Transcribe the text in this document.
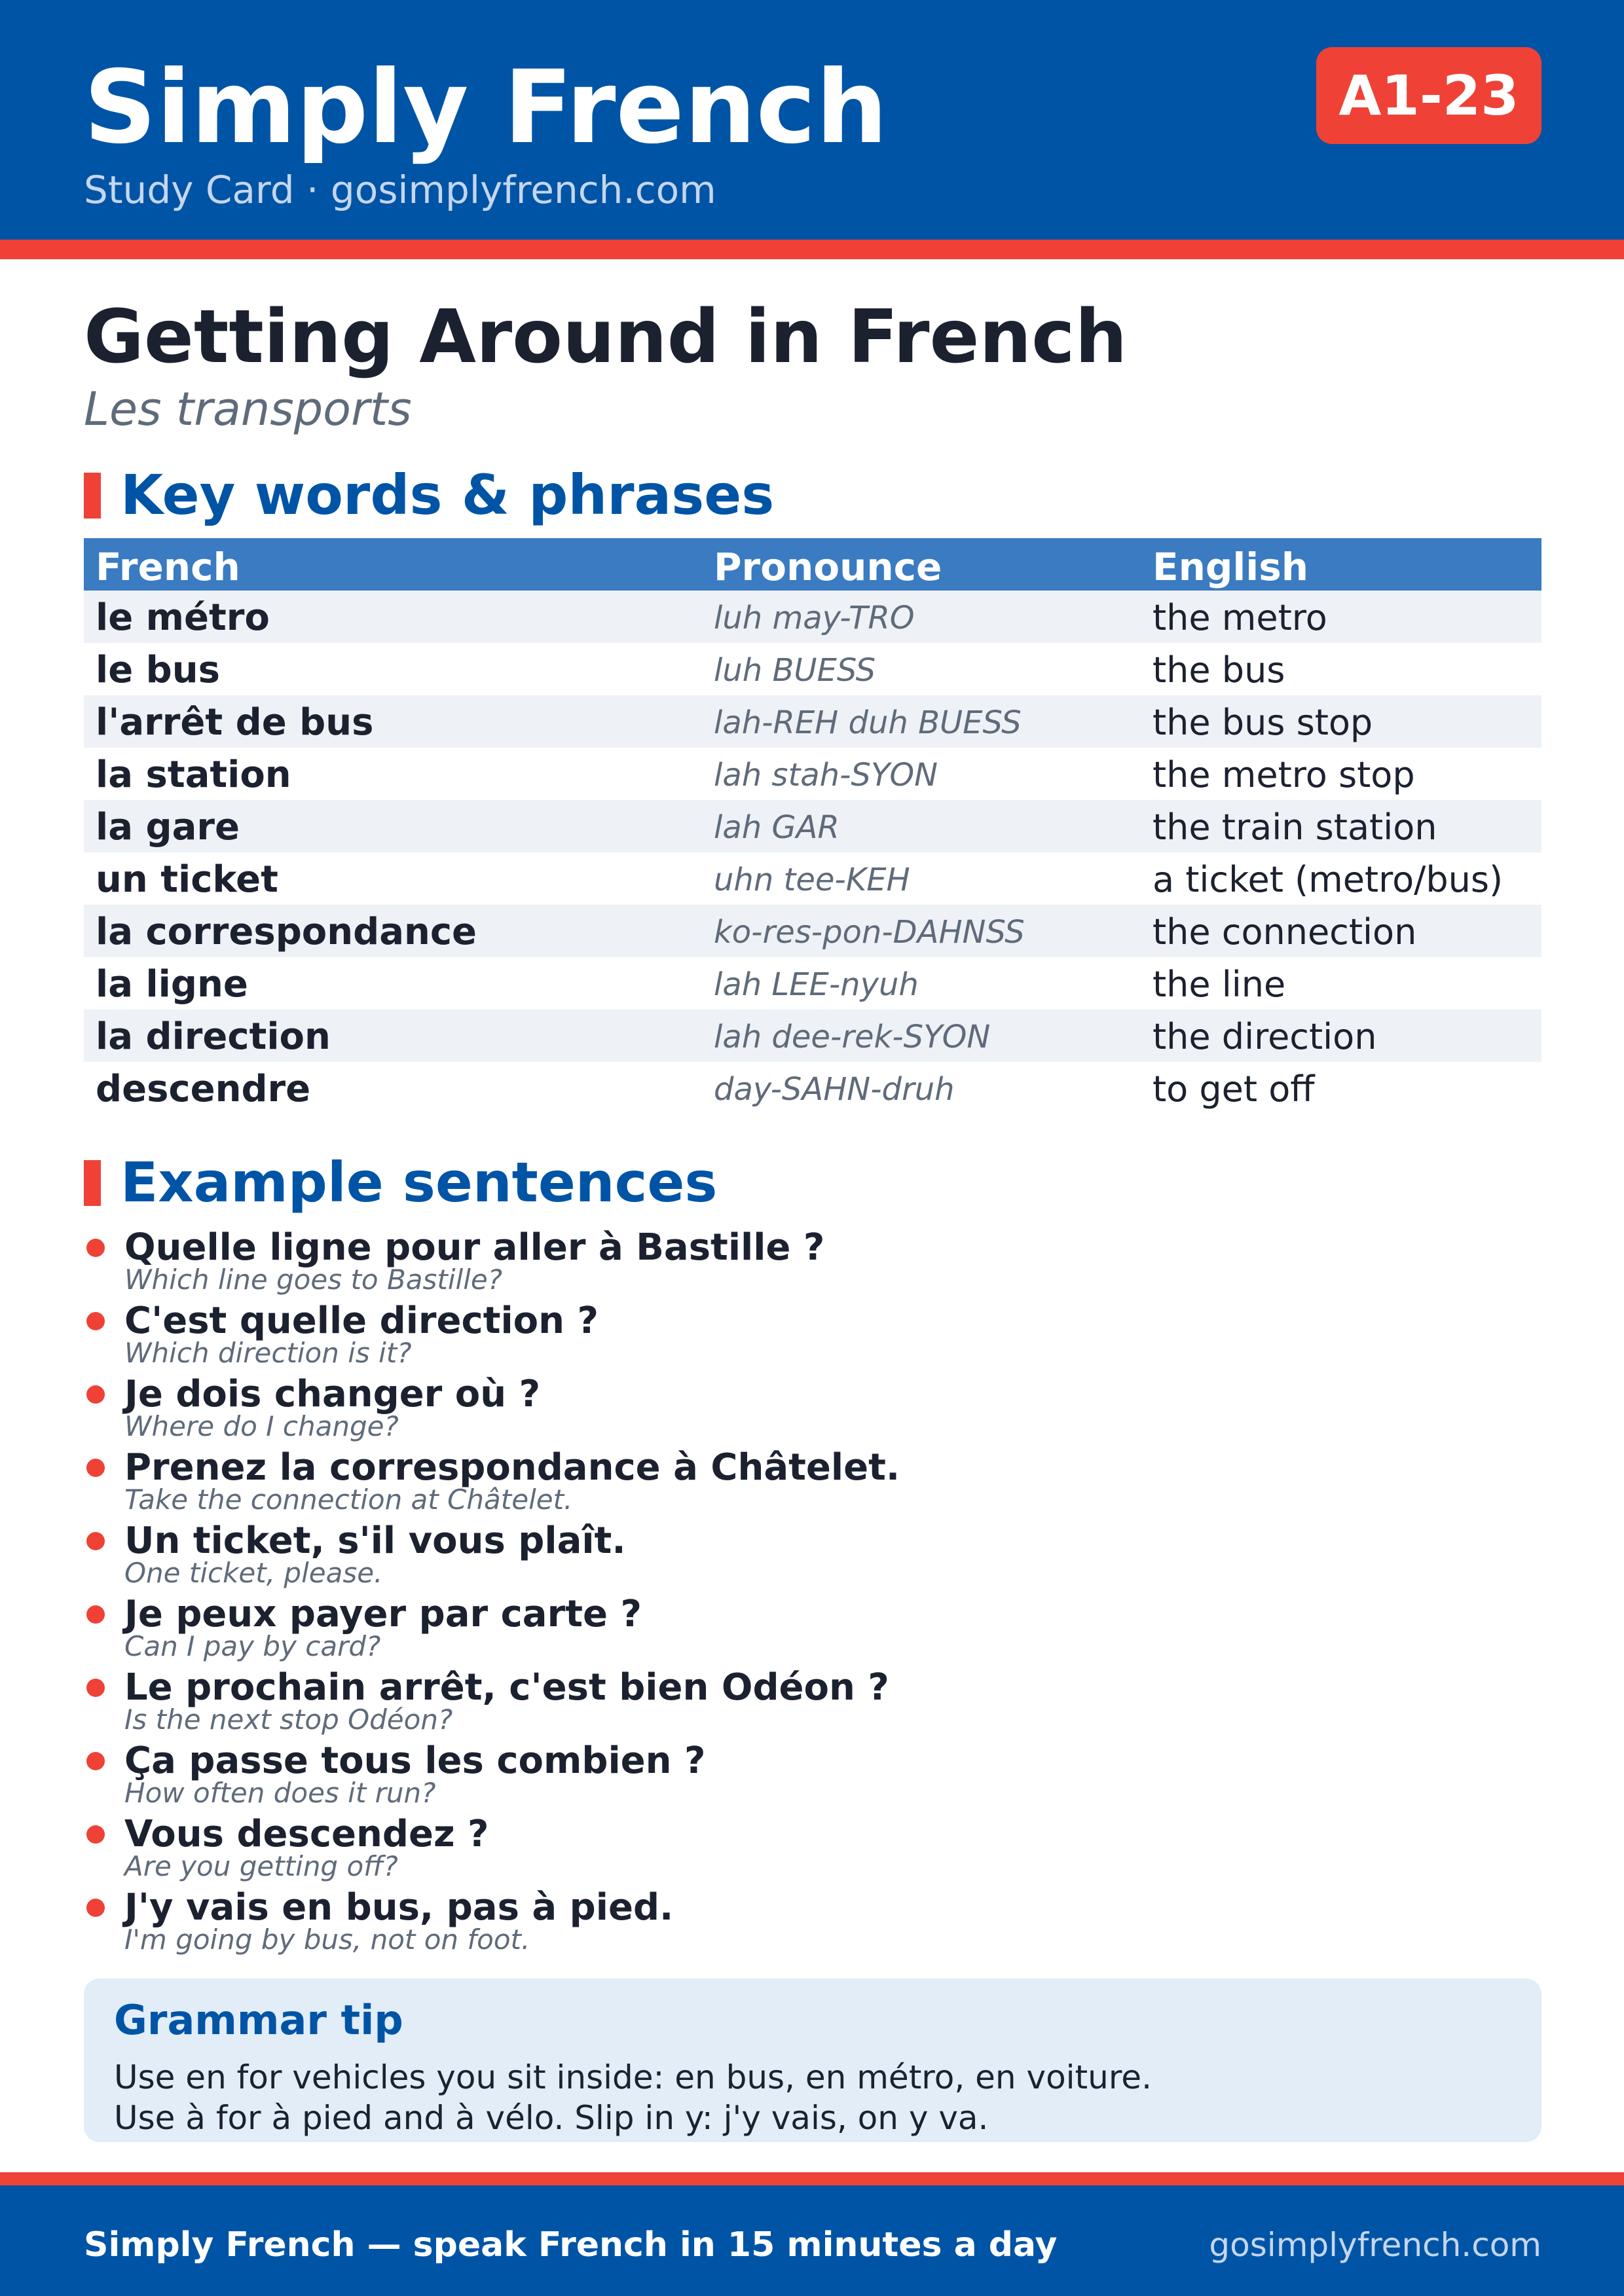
Simply French
Study Card · gosimplyfrench.com
A1-23
Getting Around in French
Les transports
Key words & phrases
French	Pronounce	English
le métro	luh may-TRO	the metro
le bus	luh BUESS	the bus
l'arrêt de bus	lah-REH duh BUESS	the bus stop
la station	lah stah-SYON	the metro stop
la gare	lah GAR	the train station
un ticket	uhn tee-KEH	a ticket (metro/bus)
la correspondance	ko-res-pon-DAHNSS	the connection
la ligne	lah LEE-nyuh	the line
la direction	lah dee-rek-SYON	the direction
descendre	day-SAHN-druh	to get off
Example sentences
Quelle ligne pour aller à Bastille ?
Which line goes to Bastille?
C'est quelle direction ?
Which direction is it?
Je dois changer où ?
Where do I change?
Prenez la correspondance à Châtelet.
Take the connection at Châtelet.
Un ticket, s'il vous plaît.
One ticket, please.
Je peux payer par carte ?
Can I pay by card?
Le prochain arrêt, c'est bien Odéon ?
Is the next stop Odéon?
Ça passe tous les combien ?
How often does it run?
Vous descendez ?
Are you getting off?
J'y vais en bus, pas à pied.
I'm going by bus, not on foot.
Grammar tip
Use en for vehicles you sit inside: en bus, en métro, en voiture.
Use à for à pied and à vélo. Slip in y: j'y vais, on y va.
Simply French — speak French in 15 minutes a day	gosimplyfrench.com
